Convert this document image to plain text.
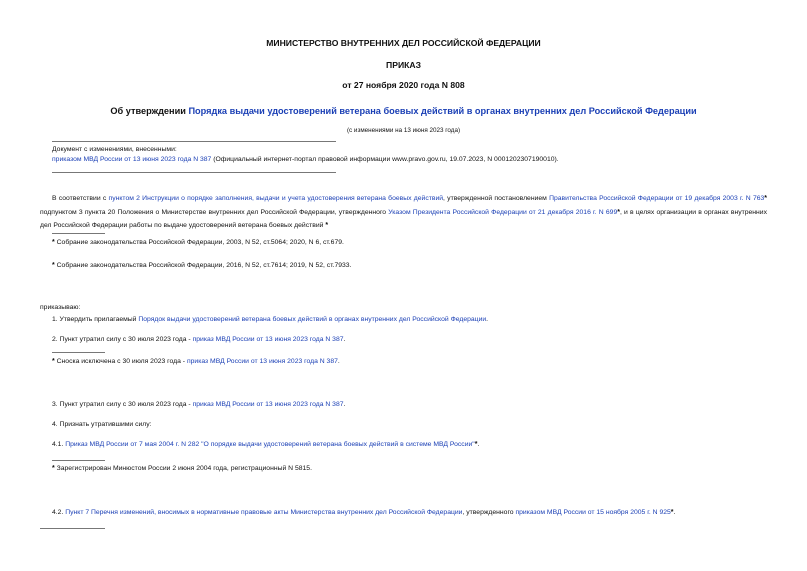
МИНИСТЕРСТВО ВНУТРЕННИХ ДЕЛ РОССИЙСКОЙ ФЕДЕРАЦИИ
ПРИКАЗ
от 27 ноября 2020 года N 808
Об утверждении Порядка выдачи удостоверений ветерана боевых действий в органах внутренних дел Российской Федерации
(с изменениями на 13 июня 2023 года)
Документ с изменениями, внесенными:
приказом МВД России от 13 июня 2023 года N 387 (Официальный интернет-портал правовой информации www.pravo.gov.ru, 19.07.2023, N 0001202307190010).
В соответствии с пунктом 2 Инструкции о порядке заполнения, выдачи и учета удостоверения ветерана боевых действий, утвержденной постановлением Правительства Российской Федерации от 19 декабря 2003 г. N 763* подпунктом 3 пункта 20 Положения о Министерстве внутренних дел Российской Федерации, утвержденного Указом Президента Российской Федерации от 21 декабря 2016 г. N 699*, и в целях организации в органах внутренних дел Российской Федерации работы по выдаче удостоверений ветерана боевых действий *
* Собрание законодательства Российской Федерации, 2003, N 52, ст.5064; 2020, N 6, ст.679.
* Собрание законодательства Российской Федерации, 2016, N 52, ст.7614; 2019, N 52, ст.7933.
приказываю:
1. Утвердить прилагаемый Порядок выдачи удостоверений ветерана боевых действий в органах внутренних дел Российской Федерации.
2. Пункт утратил силу с 30 июля 2023 года - приказ МВД России от 13 июня 2023 года N 387.
* Сноска исключена с 30 июля 2023 года - приказ МВД России от 13 июня 2023 года N 387.
3. Пункт утратил силу с 30 июля 2023 года - приказ МВД России от 13 июня 2023 года N 387.
4. Признать утратившими силу:
4.1. Приказ МВД России от 7 мая 2004 г. N 282 "О порядке выдачи удостоверений ветерана боевых действий в системе МВД России"*.
* Зарегистрирован Минюстом России 2 июня 2004 года, регистрационный N 5815.
4.2. Пункт 7 Перечня изменений, вносимых в нормативные правовые акты Министерства внутренних дел Российской Федерации, утвержденного приказом МВД России от 15 ноября 2005 г. N 925*.
